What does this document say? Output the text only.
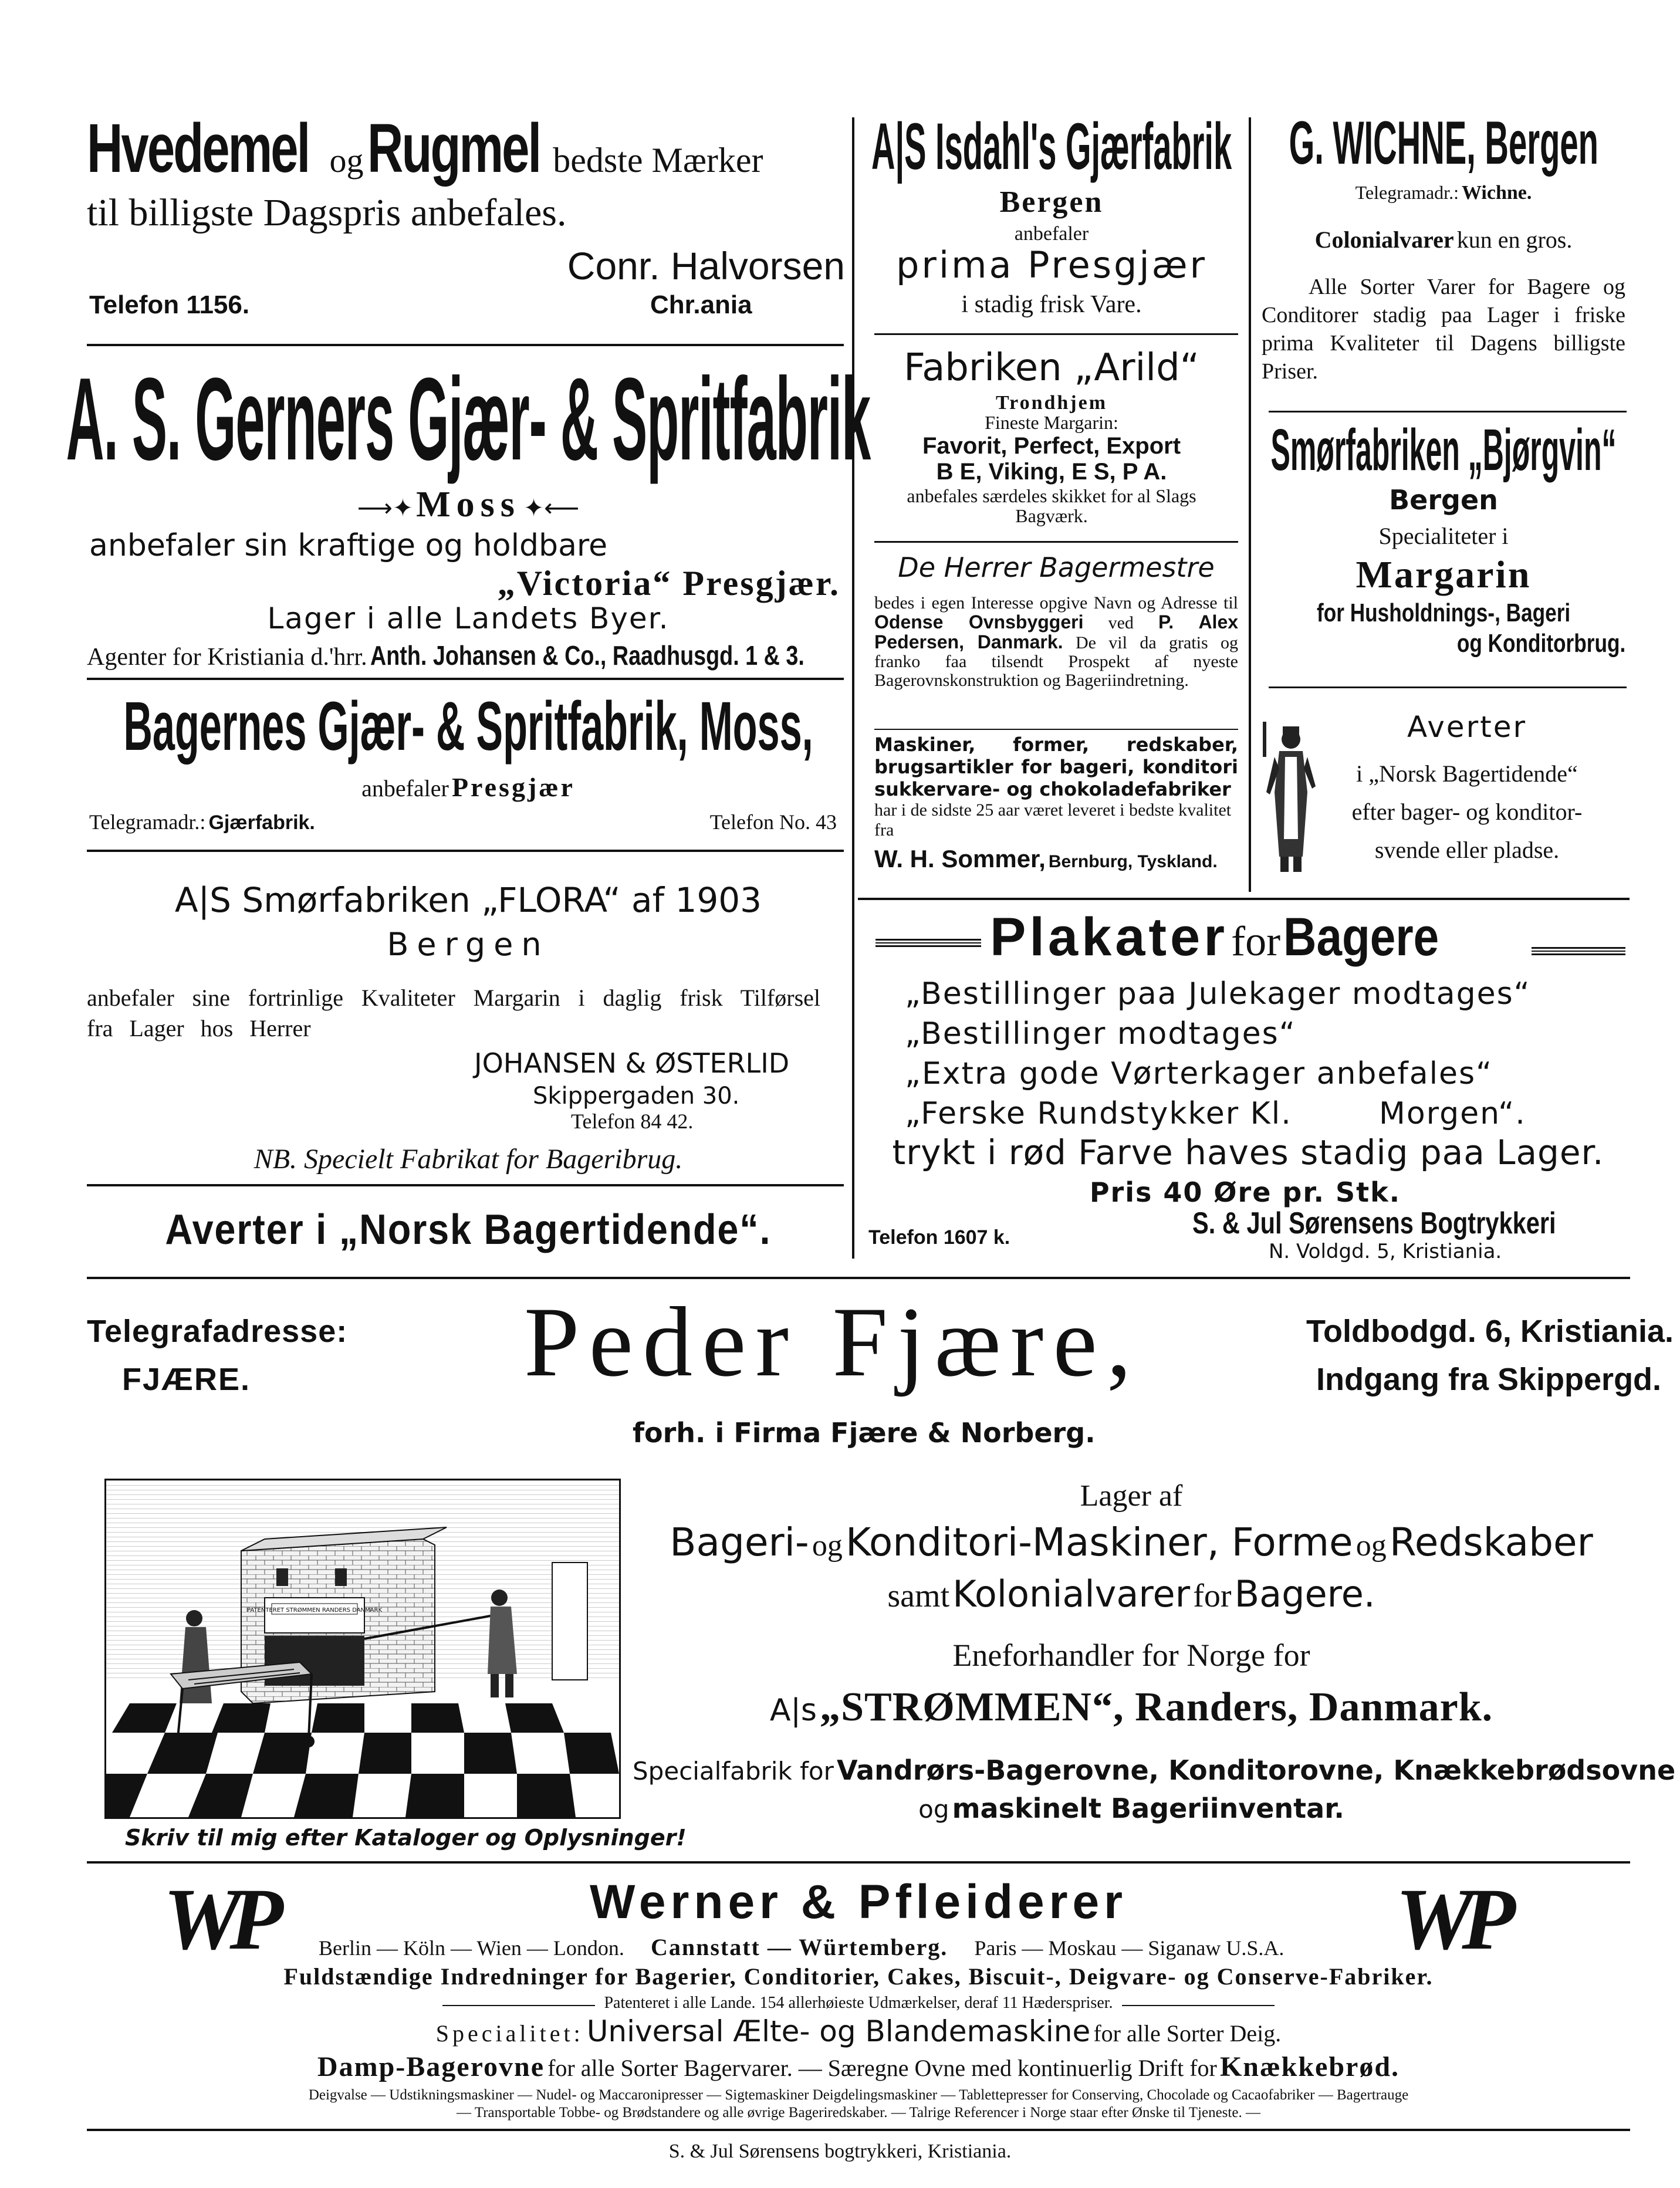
Hvedemel ogRugmel bedste Mærker
til billigste Dagspris anbefales.
Conr. Halvorsen
Telefon 1156.	Chr.ania
A. S. Gerners Gjær- & Spritfabrik
⟶✦ Moss ✦⟵
anbefaler sin kraftige og holdbare
„Victoria“ Presgjær.
Lager i alle Landets Byer.
Agenter for Kristiania d.'hrr. Anth. Johansen & Co., Raadhusgd. 1 & 3.
Bagernes Gjær- & Spritfabrik, Moss,
anbefaler Presgjær
Telegramadr.: Gjærfabrik.	Telefon No. 43
A|S Smørfabriken „FLORA“ af 1903
Bergen
anbefaler sine fortrinlige Kvaliteter Margarin i daglig frisk Tilførsel fra Lager hos Herrer
JOHANSEN & ØSTERLID
Skippergaden 30.
Telefon 84 42.
NB. Specielt Fabrikat for Bageribrug.
Averter i „Norsk Bagertidende“.
A|S Isdahl's Gjærfabrik
Bergen
anbefaler
prima Presgjær
i stadig frisk Vare.
Fabriken „Arild“
Trondhjem
Fineste Margarin:
Favorit, Perfect, Export
B E, Viking, E S, P A.
anbefales særdeles skikket for al Slags Bagværk.
De Herrer Bagermestre
bedes i egen Interesse opgive Navn og Adresse til Odense Ovnsbyggeri ved P. Alex Pedersen, Danmark. De vil da gratis og franko faa tilsendt Prospekt af nyeste Bagerovnskonstruktion og Bageriindretning.
Maskiner, former, redskaber, brugsartikler for bageri, konditori sukkervare- og chokoladefabriker
har i de sidste 25 aar været leveret i bedste kvalitet fra
W. H. Sommer, Bernburg, Tyskland.
G. WICHNE, Bergen
Telegramadr.: Wichne.
Colonialvarer kun en gros.
Alle Sorter Varer for Bagere og Conditorer stadig paa Lager i friske prima Kvaliteter til Dagens billigste Priser.
Smørfabriken „Bjørgvin“
Bergen
Specialiteter i
Margarin
for Husholdnings-, Bageri
og Konditorbrug.
Averter
i „Norsk Bagertidende“
efter bager- og konditor-
svende eller pladse.
Plakater for Bagere
„Bestillinger paa Julekager modtages“
„Bestillinger modtages“
„Extra gode Vørterkager anbefales“
„Ferske Rundstykker Kl.        Morgen“.
trykt i rød Farve haves stadig paa Lager.
Pris 40 Øre pr. Stk.
Telefon 1607 k.	S. & Jul Sørensens Bogtrykkeri
N. Voldgd. 5, Kristiania.
Telegrafadresse:
FJÆRE.	Peder Fjære,	Toldbodgd. 6, Kristiania.
Indgang fra Skippergd.
forh. i Firma Fjære & Norberg.
PATENTERET STRØMMEN RANDERS DANMARK
Skriv til mig efter Kataloger og Oplysninger!
Lager af
Bageri- og Konditori-Maskiner, Forme og Redskaber
samt Kolonialvarer for Bagere.
Eneforhandler for Norge for
A|s „STRØMMEN“, Randers, Danmark.
Specialfabrik for Vandrørs-Bagerovne, Konditorovne, Knækkebrødsovne
og maskinelt Bageriinventar.
WP	WP
Werner & Pfleiderer
Berlin — Köln — Wien — London. Cannstatt — Würtemberg. Paris — Moskau — Siganaw U.S.A.
Fuldstændige Indredninger for Bagerier, Conditorier, Cakes, Biscuit-, Deigvare- og Conserve-Fabriker.
Patenteret i alle Lande. 154 allerhøieste Udmærkelser, deraf 11 Hæderspriser.
Specialitet: Universal Ælte- og Blandemaskine for alle Sorter Deig.
Damp-Bagerovne for alle Sorter Bagervarer. — Særegne Ovne med kontinuerlig Drift for Knækkebrød.
Deigvalse — Udstikningsmaskiner — Nudel- og Maccaronipresser — Sigtemaskiner Deigdelingsmaskiner — Tablettepresser for Conserving, Chocolade og Cacaofabriker — Bagertrauge
— Transportable Tobbe- og Brødstandere og alle øvrige Bageriredskaber. — Talrige Referencer i Norge staar efter Ønske til Tjeneste. —
S. & Jul Sørensens bogtrykkeri, Kristiania.
